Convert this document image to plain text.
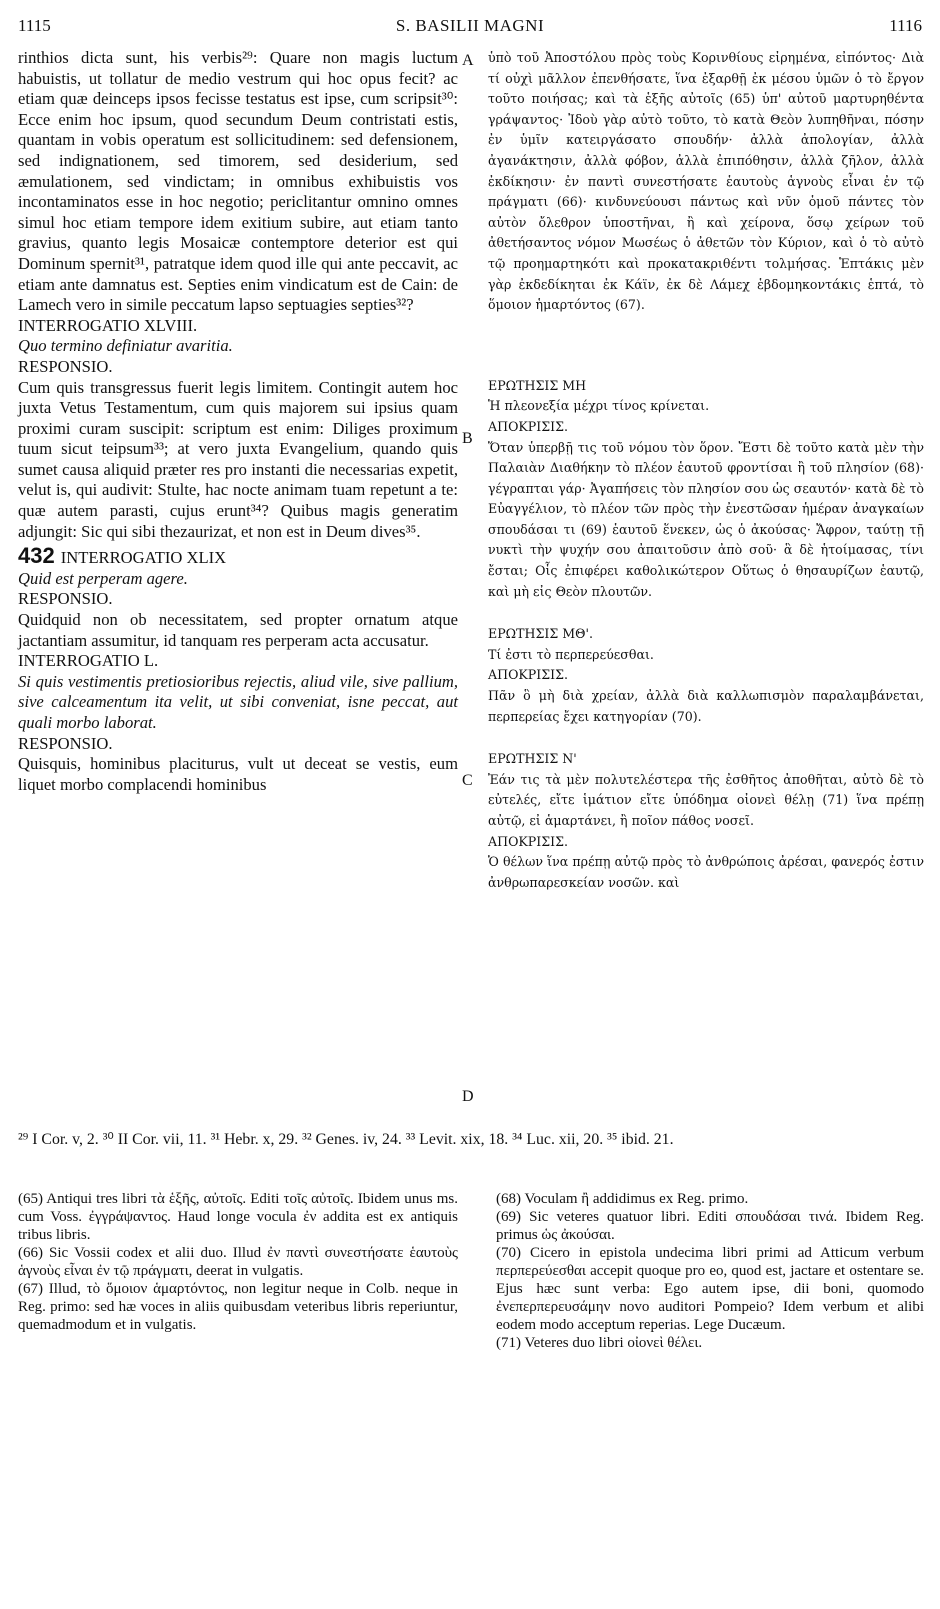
1115	S. BASILII MAGNI	1116
A
B
C
D

rinthios dicta sunt, his verbis²⁹: Quare non magis luctum habuistis, ut tollatur de medio vestrum qui hoc opus fecit? ac etiam quæ deinceps ipsos fecisse testatus est ipse, cum scripsit³⁰: Ecce enim hoc ipsum, quod secundum Deum contristati estis, quantam in vobis operatum est sollicitudinem: sed defensionem, sed indignationem, sed timorem, sed desiderium, sed æmulationem, sed vindictam; in omnibus exhibuistis vos incontaminatos esse in hoc negotio; periclitantur omnino omnes simul hoc etiam tempore idem exitium subire, aut etiam tanto gravius, quanto legis Mosaicæ contemptore deterior est qui Dominum spernit³¹, patratque idem quod ille qui ante peccavit, ac etiam ante damnatus est. Septies enim vindicatum est de Cain: de Lamech vero in simile peccatum lapso septuagies septies³²?

INTERROGATIO XLVIII.

Quo termino definiatur avaritia.

RESPONSIO.

Cum quis transgressus fuerit legis limitem. Contingit autem hoc juxta Vetus Testamentum, cum quis majorem sui ipsius quam proximi curam suscipit: scriptum est enim: Diliges proximum tuum sicut teipsum³³; at vero juxta Evangelium, quando quis sumet causa aliquid præter res pro instanti die necessarias expetit, velut is, qui audivit: Stulte, hac nocte animam tuam repetunt a te: quæ autem parasti, cujus erunt³⁴? Quibus magis generatim adjungit: Sic qui sibi thezaurizat, et non est in Deum dives³⁵.

432 INTERROGATIO XLIX

Quid est perperam agere.

RESPONSIO.

Quidquid non ob necessitatem, sed propter ornatum atque jactantiam assumitur, id tanquam res perperam acta accusatur.

INTERROGATIO L.

Si quis vestimentis pretiosioribus rejectis, aliud vile, sive pallium, sive calceamentum ita velit, ut sibi conveniat, isne peccat, aut quali morbo laborat.

RESPONSIO.

Quisquis, hominibus placiturus, vult ut deceat se vestis, eum liquet morbo complacendi hominibus

ὑπὸ τοῦ Ἀποστόλου πρὸς τοὺς Κορινθίους εἰρημένα, εἰπόντος· Διὰ τί οὐχὶ μᾶλλον ἐπενθήσατε, ἵνα ἐξαρθῇ ἐκ μέσου ὑμῶν ὁ τὸ ἔργον τοῦτο ποιήσας; καὶ τὰ ἑξῆς αὐτοῖς (65) ὑπ' αὐτοῦ μαρτυρηθέντα γράψαντος· Ἰδοὺ γὰρ αὐτὸ τοῦτο, τὸ κατὰ Θεὸν λυπηθῆναι, πόσην ἐν ὑμῖν κατειργάσατο σπουδήν· ἀλλὰ ἀπολογίαν, ἀλλὰ ἀγανάκτησιν, ἀλλὰ φόβον, ἀλλὰ ἐπιπόθησιν, ἀλλὰ ζῆλον, ἀλλὰ ἐκδίκησιν· ἐν παντὶ συνεστήσατε ἑαυτοὺς ἁγνοὺς εἶναι ἐν τῷ πράγματι (66)· κινδυνεύουσι πάντως καὶ νῦν ὁμοῦ πάντες τὸν αὐτὸν ὄλεθρον ὑποστῆναι, ἢ καὶ χείρονα, ὅσῳ χείρων τοῦ ἀθετήσαντος νόμον Μωσέως ὁ ἀθετῶν τὸν Κύριον, καὶ ὁ τὸ αὐτὸ τῷ προημαρτηκότι καὶ προκατακριθέντι τολμήσας. Ἑπτάκις μὲν γὰρ ἐκδεδίκηται ἐκ Κάϊν, ἐκ δὲ Λάμεχ ἑβδομηκοντάκις ἑπτά, τὸ ὅμοιον ἡμαρτόντος (67).

ΕΡΩΤΗΣΙΣ ΜΗ

Ἡ πλεονεξία μέχρι τίνος κρίνεται.

ΑΠΟΚΡΙΣΙΣ.

Ὅταν ὑπερβῇ τις τοῦ νόμου τὸν ὅρον. Ἔστι δὲ τοῦτο κατὰ μὲν τὴν Παλαιὰν Διαθήκην τὸ πλέον ἑαυτοῦ φροντίσαι ἢ τοῦ πλησίον (68)· γέγραπται γάρ· Ἀγαπήσεις τὸν πλησίον σου ὡς σεαυτόν· κατὰ δὲ τὸ Εὐαγγέλιον, τὸ πλέον τῶν πρὸς τὴν ἐνεστῶσαν ἡμέραν ἀναγκαίων σπουδάσαι τι (69) ἑαυτοῦ ἕνεκεν, ὡς ὁ ἀκούσας· Ἄφρον, ταύτῃ τῇ νυκτὶ τὴν ψυχήν σου ἀπαιτοῦσιν ἀπὸ σοῦ· ἃ δὲ ἡτοίμασας, τίνι ἔσται; Οἷς ἐπιφέρει καθολικώτερον Οὕτως ὁ θησαυρίζων ἑαυτῷ, καὶ μὴ εἰς Θεὸν πλουτῶν.

ΕΡΩΤΗΣΙΣ ΜΘ'.

Τί ἐστι τὸ περπερεύεσθαι.

ΑΠΟΚΡΙΣΙΣ.

Πᾶν ὃ μὴ διὰ χρείαν, ἀλλὰ διὰ καλλωπισμὸν παραλαμβάνεται, περπερείας ἔχει κατηγορίαν (70).

ΕΡΩΤΗΣΙΣ Ν'

Ἐάν τις τὰ μὲν πολυτελέστερα τῆς ἐσθῆτος ἀποθῆται, αὐτὸ δὲ τὸ εὐτελές, εἴτε ἱμάτιον εἴτε ὑπόδημα οἰονεὶ θέλῃ (71) ἵνα πρέπῃ αὐτῷ, εἰ ἁμαρτάνει, ἢ ποῖον πάθος νοσεῖ.

ΑΠΟΚΡΙΣΙΣ.

Ὁ θέλων ἵνα πρέπῃ αὐτῷ πρὸς τὸ ἀνθρώποις ἀρέσαι, φανερός ἐστιν ἀνθρωπαρεσκείαν νοσῶν. καὶ

²⁹ I Cor. v, 2. ³⁰ II Cor. vii, 11. ³¹ Hebr. x, 29. ³² Genes. iv, 24. ³³ Levit. xix, 18. ³⁴ Luc. xii, 20. ³⁵ ibid. 21.

(65) Antiqui tres libri τὰ ἑξῆς, αὐτοῖς. Editi τοῖς αὐτοῖς. Ibidem unus ms. cum Voss. ἐγγράψαντος. Haud longe vocula ἐν addita est ex antiquis tribus libris.

(66) Sic Vossii codex et alii duo. Illud ἐν παντὶ συνεστήσατε ἑαυτοὺς ἁγνοὺς εἶναι ἐν τῷ πράγματι, deerat in vulgatis.

(67) Illud, τὸ ὅμοιον ἁμαρτόντος, non legitur neque in Colb. neque in Reg. primo: sed hæ voces in aliis quibusdam veteribus libris reperiuntur, quemadmodum et in vulgatis.

(68) Voculam ἢ addidimus ex Reg. primo.

(69) Sic veteres quatuor libri. Editi σπουδάσαι τινά. Ibidem Reg. primus ὡς ἀκούσαι.

(70) Cicero in epistola undecima libri primi ad Atticum verbum περπερεύεσθαι accepit quoque pro eo, quod est, jactare et ostentare se. Ejus hæc sunt verba: Ego autem ipse, dii boni, quomodo ἐνεπερπερευσάμην novo auditori Pompeio? Idem verbum et alibi eodem modo acceptum reperias. Lege Ducæum.

(71) Veteres duo libri οἰονεὶ θέλει.
